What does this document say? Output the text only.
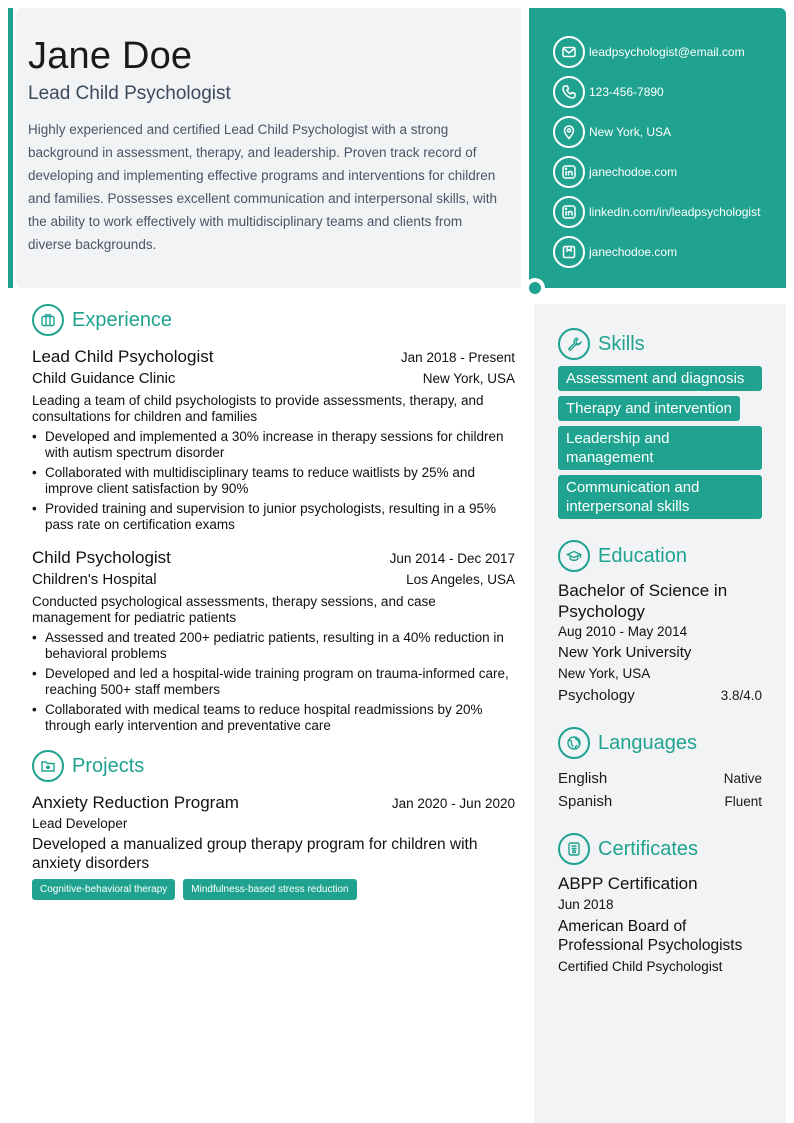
Jane Doe
Lead Child Psychologist

Highly experienced and certified Lead Child Psychologist with a strong background in assessment, therapy, and leadership. Proven track record of developing and implementing effective programs and interventions for children and families. Possesses excellent communication and interpersonal skills, with the ability to work effectively with multidisciplinary teams and clients from diverse backgrounds.

leadpsychologist@email.com
123-456-7890
New York, USA
janechodoe.com
linkedin.com/in/leadpsychologist
janechodoe.com
Experience
Lead Child Psychologist	Jan 2018 - Present
Child Guidance Clinic	New York, USA

Leading a team of child psychologists to provide assessments, therapy, and consultations for children and families

• Developed and implemented a 30% increase in therapy sessions for children with autism spectrum disorder
• Collaborated with multidisciplinary teams to reduce waitlists by 25% and improve client satisfaction by 90%
• Provided training and supervision to junior psychologists, resulting in a 95% pass rate on certification exams
Child Psychologist	Jun 2014 - Dec 2017
Children's Hospital	Los Angeles, USA

Conducted psychological assessments, therapy sessions, and case management for pediatric patients

• Assessed and treated 200+ pediatric patients, resulting in a 40% reduction in behavioral problems
• Developed and led a hospital-wide training program on trauma-informed care, reaching 500+ staff members
• Collaborated with medical teams to reduce hospital readmissions by 20% through early intervention and preventative care
Projects
Anxiety Reduction Program	Jan 2020 - Jun 2020
Lead Developer

Developed a manualized group therapy program for children with anxiety disorders

Cognitive-behavioral therapy	Mindfulness-based stress reduction
Skills
Assessment and diagnosis Therapy and intervention Leadership and management Communication and interpersonal skills
Education
Bachelor of Science in Psychology
Aug 2010 - May 2014
New York University
New York, USA
Psychology	3.8/4.0
Languages
English	Native
Spanish	Fluent
Certificates
ABPP Certification
Jun 2018
American Board of Professional Psychologists
Certified Child Psychologist
